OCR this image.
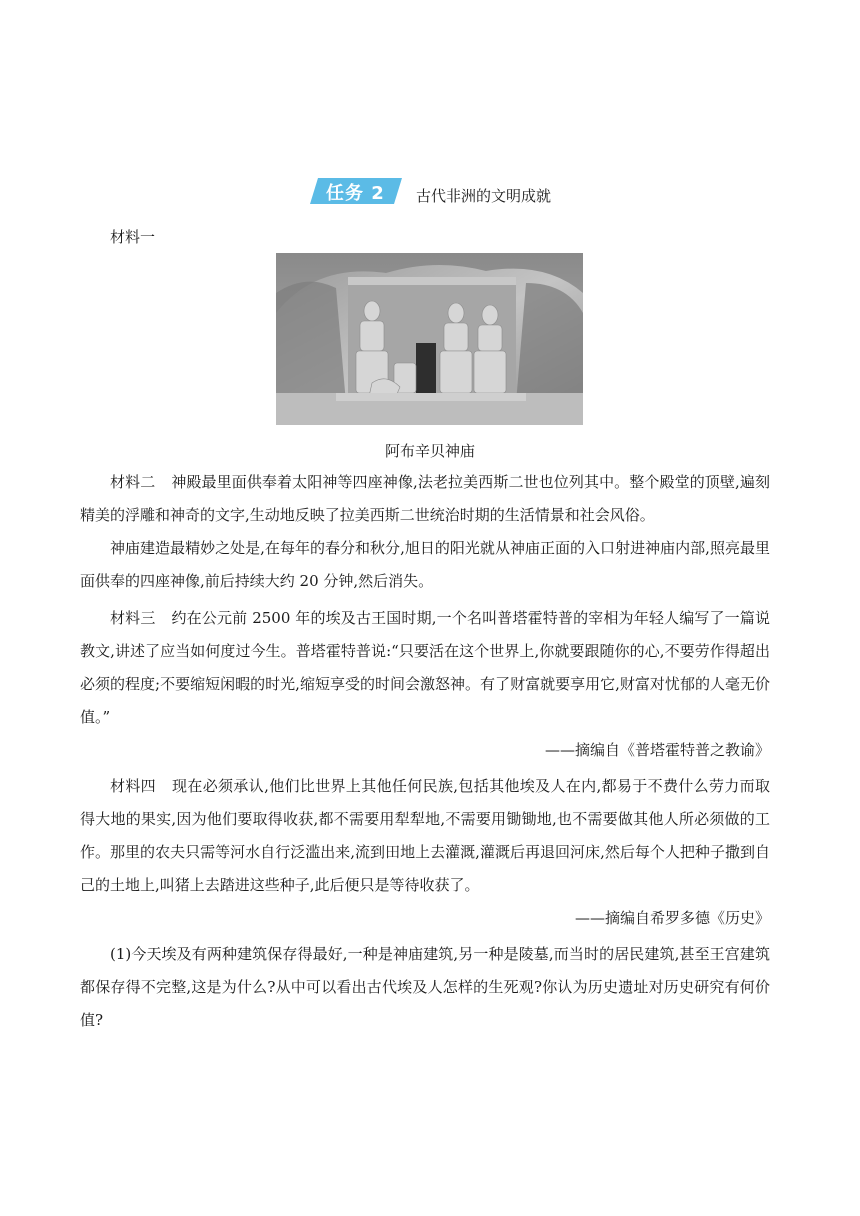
任务 2 古代非洲的文明成就
材料一
阿布辛贝神庙

材料二 神殿最里面供奉着太阳神等四座神像,法老拉美西斯二世也位列其中。整个殿堂的顶壁,遍刻精美的浮雕和神奇的文字,生动地反映了拉美西斯二世统治时期的生活情景和社会风俗。

神庙建造最精妙之处是,在每年的春分和秋分,旭日的阳光就从神庙正面的入口射进神庙内部,照亮最里面供奉的四座神像,前后持续大约 20 分钟,然后消失。

材料三 约在公元前 2500 年的埃及古王国时期,一个名叫普塔霍特普的宰相为年轻人编写了一篇说教文,讲述了应当如何度过今生。普塔霍特普说:“只要活在这个世界上,你就要跟随你的心,不要劳作得超出必须的程度;不要缩短闲暇的时光,缩短享受的时间会激怒神。有了财富就要享用它,财富对忧郁的人毫无价值。”

——摘编自《普塔霍特普之教谕》

材料四 现在必须承认,他们比世界上其他任何民族,包括其他埃及人在内,都易于不费什么劳力而取得大地的果实,因为他们要取得收获,都不需要用犁犁地,不需要用锄锄地,也不需要做其他人所必须做的工作。那里的农夫只需等河水自行泛滥出来,流到田地上去灌溉,灌溉后再退回河床,然后每个人把种子撒到自己的土地上,叫猪上去踏进这些种子,此后便只是等待收获了。

——摘编自希罗多德《历史》

(1)今天埃及有两种建筑保存得最好,一种是神庙建筑,另一种是陵墓,而当时的居民建筑,甚至王宫建筑都保存得不完整,这是为什么?从中可以看出古代埃及人怎样的生死观?你认为历史遗址对历史研究有何价值?
